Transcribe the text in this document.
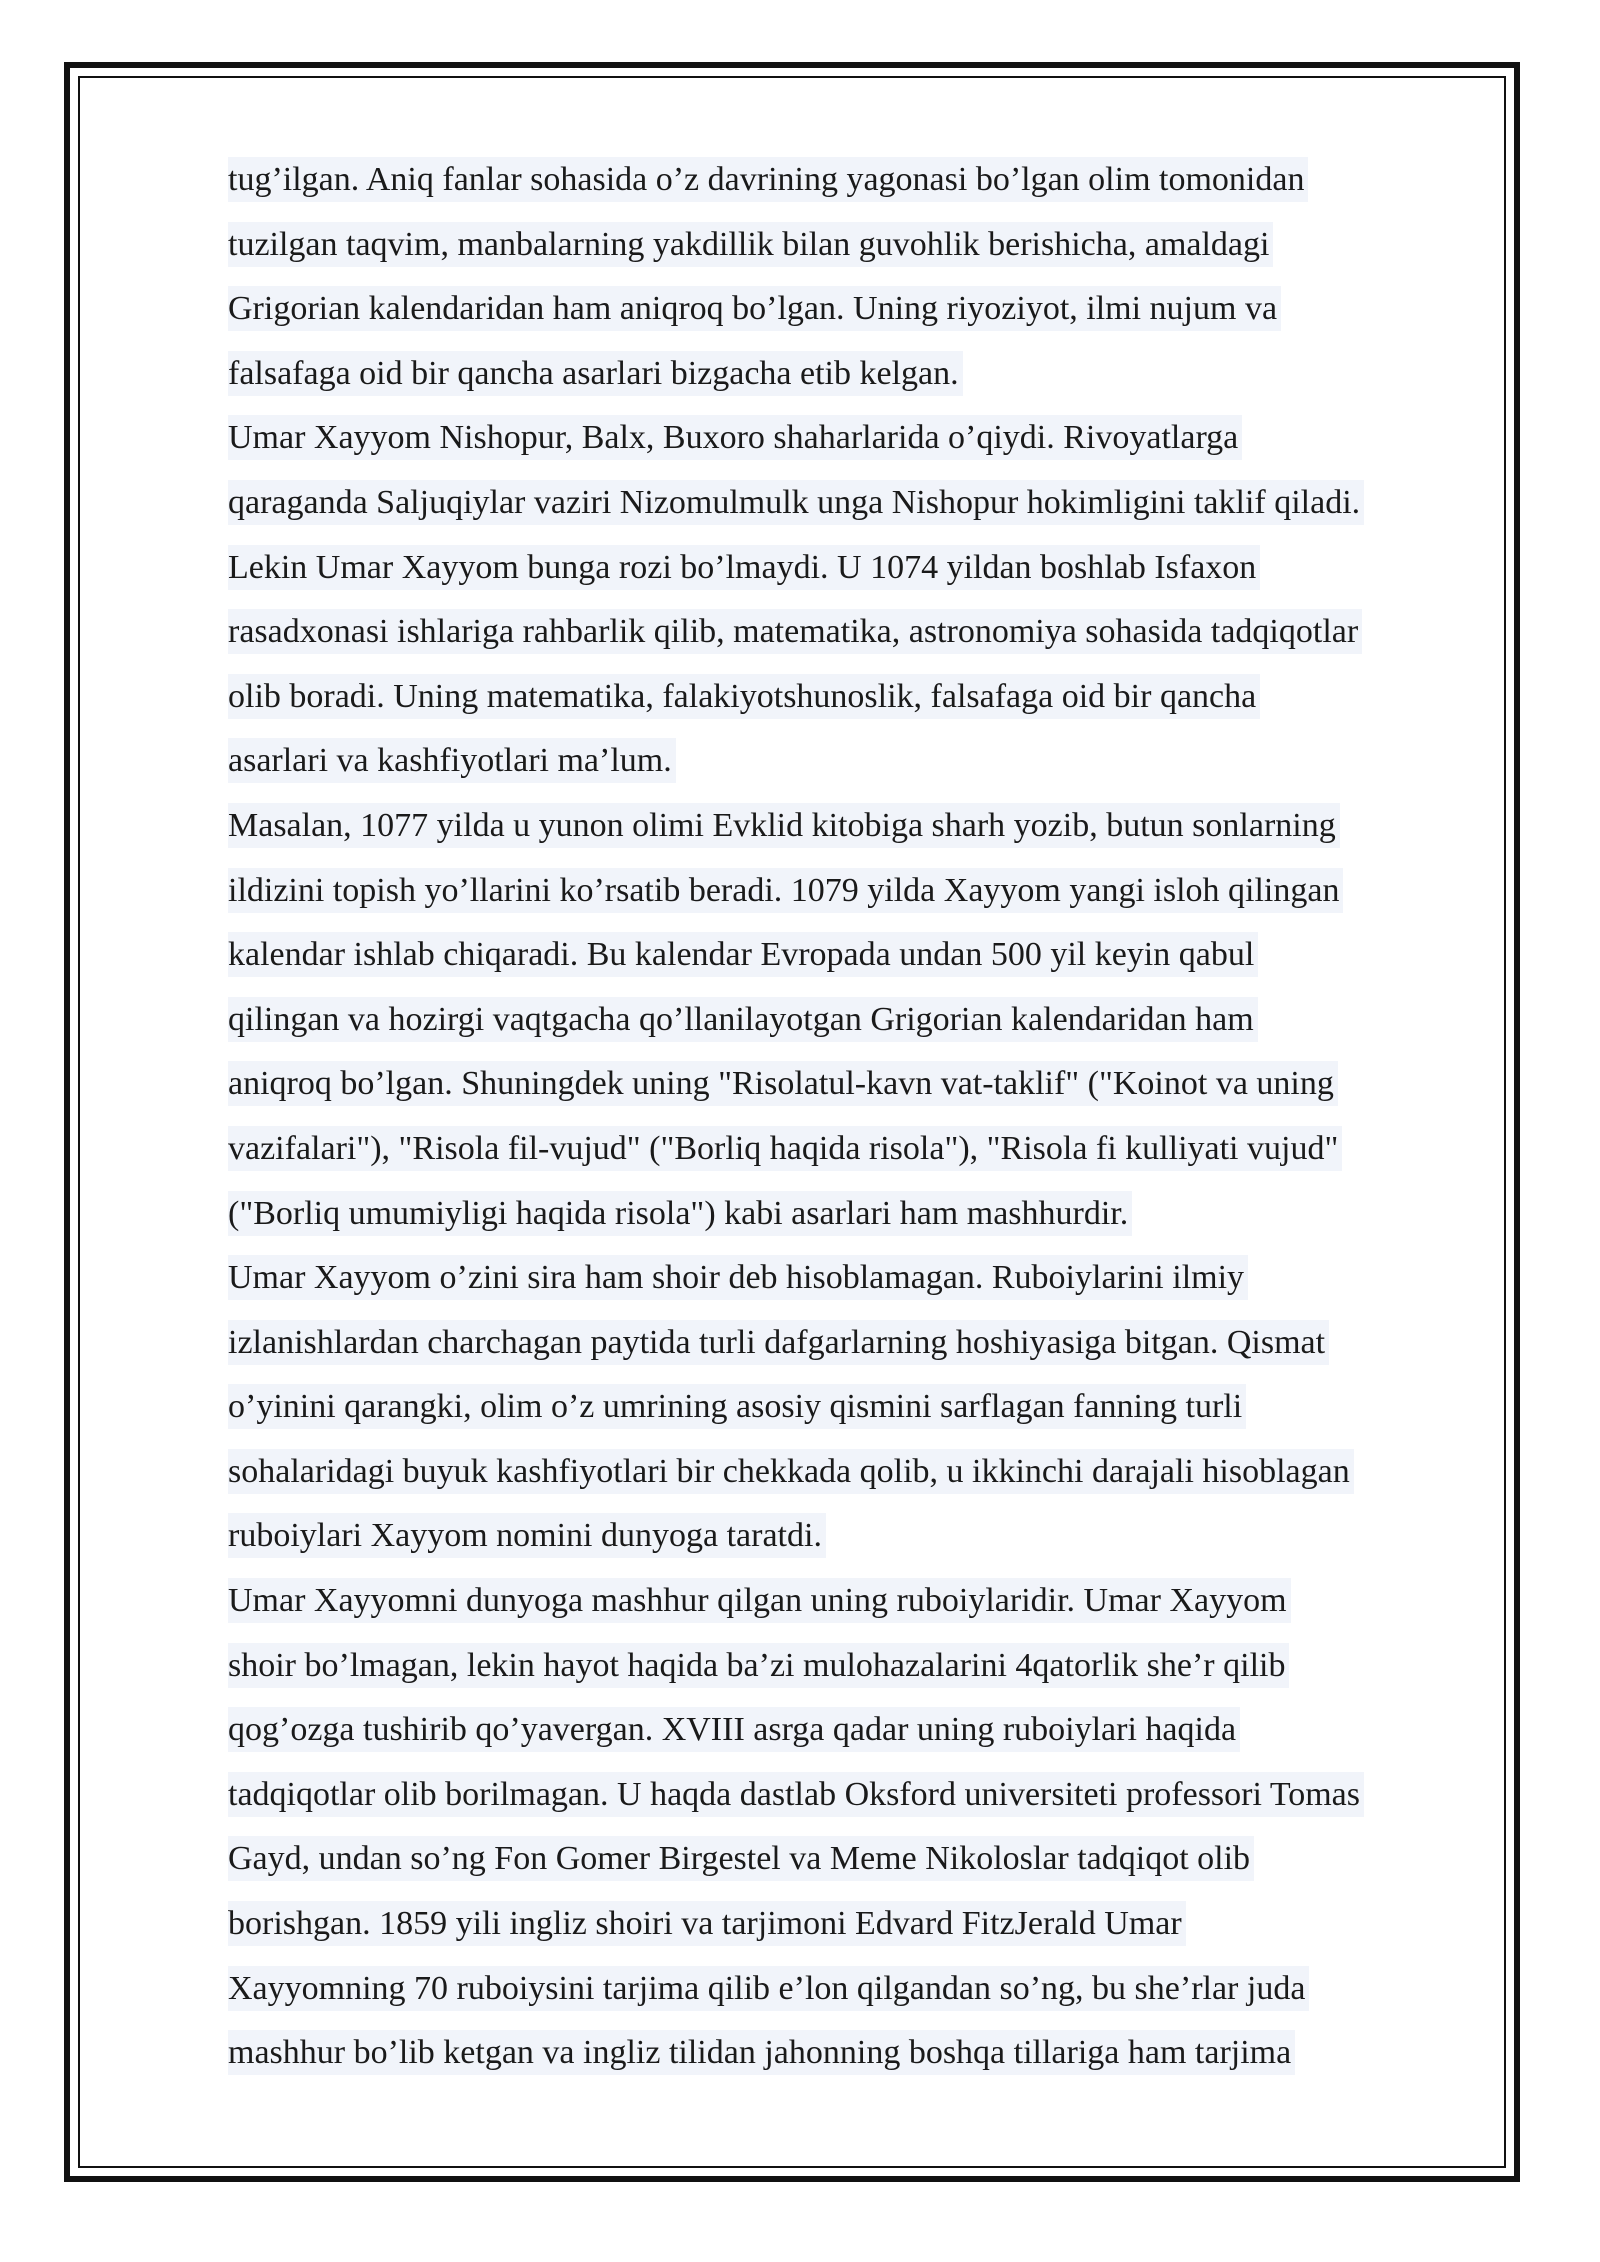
tug’ilgan. Aniq fanlar sohasida o’z davrining yagonasi bo’lgan olim tomonidan
tuzilgan taqvim, manbalarning yakdillik bilan guvohlik berishicha, amaldagi
Grigorian kalendaridan ham aniqroq bo’lgan. Uning riyoziyot, ilmi nujum va
falsafaga oid bir qancha asarlari bizgacha etib kelgan.
Umar Xayyom Nishopur, Balx, Buxoro shaharlarida o’qiydi. Rivoyatlarga
qaraganda Saljuqiylar vaziri Nizomulmulk unga Nishopur hokimligini taklif qiladi.
Lekin Umar Xayyom bunga rozi bo’lmaydi. U 1074 yildan boshlab Isfaxon
rasadxonasi ishlariga rahbarlik qilib, matematika, astronomiya sohasida tadqiqotlar
olib boradi. Uning matematika, falakiyotshunoslik, falsafaga oid bir qancha
asarlari va kashfiyotlari ma’lum.
Masalan, 1077 yilda u yunon olimi Evklid kitobiga sharh yozib, butun sonlarning
ildizini topish yo’llarini ko’rsatib beradi. 1079 yilda Xayyom yangi isloh qilingan
kalendar ishlab chiqaradi. Bu kalendar Evropada undan 500 yil keyin qabul
qilingan va hozirgi vaqtgacha qo’llanilayotgan Grigorian kalendaridan ham
aniqroq bo’lgan. Shuningdek uning "Risolatul-kavn vat-taklif" ("Koinot va uning
vazifalari"), "Risola fil-vujud" ("Borliq haqida risola"), "Risola fi kulliyati vujud"
("Borliq umumiyligi haqida risola") kabi asarlari ham mashhurdir.
Umar Xayyom o’zini sira ham shoir deb hisoblamagan. Ruboiylarini ilmiy
izlanishlardan charchagan paytida turli dafgarlarning hoshiyasiga bitgan. Qismat
o’yinini qarangki, olim o’z umrining asosiy qismini sarflagan fanning turli
sohalaridagi buyuk kashfiyotlari bir chekkada qolib, u ikkinchi darajali hisoblagan
ruboiylari Xayyom nomini dunyoga taratdi.
Umar Xayyomni dunyoga mashhur qilgan uning ruboiylaridir. Umar Xayyom
shoir bo’lmagan, lekin hayot haqida ba’zi mulohazalarini 4qatorlik she’r qilib
qog’ozga tushirib qo’yavergan. XVIII asrga qadar uning ruboiylari haqida
tadqiqotlar olib borilmagan. U haqda dastlab Oksford universiteti professori Tomas
Gayd, undan so’ng Fon Gomer Birgestel va Meme Nikoloslar tadqiqot olib
borishgan. 1859 yili ingliz shoiri va tarjimoni Edvard FitzJerald Umar
Xayyomning 70 ruboiysini tarjima qilib e’lon qilgandan so’ng, bu she’rlar juda
mashhur bo’lib ketgan va ingliz tilidan jahonning boshqa tillariga ham tarjima
